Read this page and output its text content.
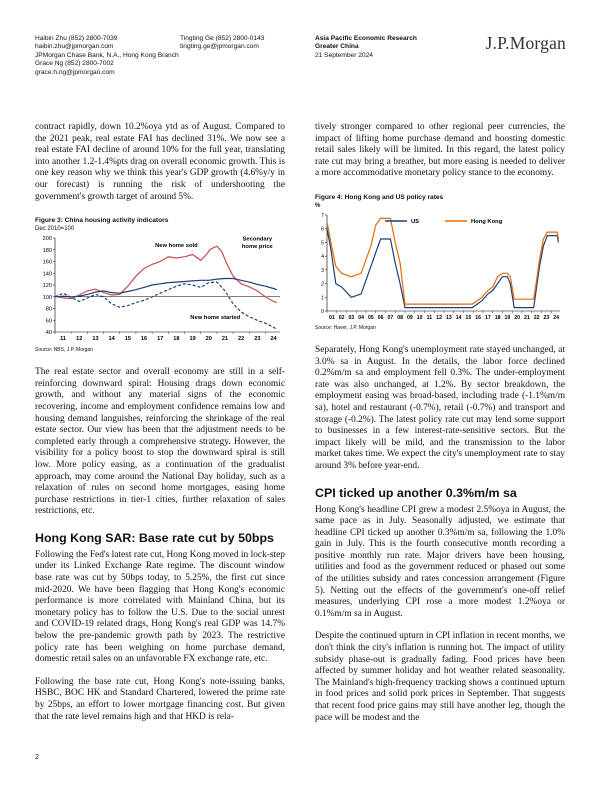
Haibin Zhu (852) 2800-7039
haibin.zhu@jpmorgan.com
JPMorgan Chase Bank, N.A., Hong Kong Branch
Grace Ng (852) 2800-7002
grace.h.ng@jpmorgan.com
Tingting Ge (852) 2800-0143
tingting.ge@jpmorgan.com
Asia Pacific Economic Research
Greater China
21 September 2024
J.P.Morgan

contract rapidly, down 10.2%oya ytd as of August. Compared to the 2021 peak, real estate FAI has declined 31%. We now see a real estate FAI decline of around 10% for the full year, translating into another 1.2-1.4%pts drag on overall economic growth. This is one key reason why we think this year's GDP growth (4.6%y/y in our forecast) is running the risk of undershooting the government's growth target of around 5%.

Figure 3: China housing activity indicators
Dec 2010=100
40
60
80
100
120
140
160
180
200
11 12 13 14 15 16 17 18 19 20 21 22 23 24
New home sold
New home started
Secondary
home price
Source: NBS, J.P. Morgan

The real estate sector and overall economy are still in a self-reinforcing downward spiral: Housing drags down economic growth, and without any material signs of the economic recovering, income and employment confidence remains low and housing demand languishes, reinforcing the shrinkage of the real estate sector. Our view has been that the adjustment needs to be completed early through a comprehensive strategy. However, the visibility for a policy boost to stop the downward spiral is still low. More policy easing, as a continuation of the gradualist approach, may come around the National Day holiday, such as a relaxation of rules on second home mortgages, easing home purchase restrictions in tier-1 cities, further relaxation of sales restrictions, etc.

Hong Kong SAR: Base rate cut by 50bps

Following the Fed's latest rate cut, Hong Kong moved in lock-step under its Linked Exchange Rate regime. The discount window base rate was cut by 50bps today, to 5.25%, the first cut since mid-2020. We have been flagging that Hong Kong's economic performance is more correlated with Mainland China, but its monetary policy has to follow the U.S. Due to the social unrest and COVID-19 related drags, Hong Kong's real GDP was 14.7% below the pre-pandemic growth path by 2023. The restrictive policy rate has been weighing on home purchase demand, domestic retail sales on an unfavorable FX exchange rate, etc.

Following the base rate cut, Hong Kong's note-issuing banks, HSBC, BOC HK and Standard Chartered, lowered the prime rate by 25bps, an effort to lower mortgage financing cost. But given that the rate level remains high and that HKD is rela-

tively stronger compared to other regional peer currencies, the impact of lifting home purchase demand and boosting domestic retail sales likely will be limited. In this regard, the latest policy rate cut may bring a breather, but more easing is needed to deliver a more accommodative monetary policy stance to the economy.

Figure 4: Hong Kong and US policy rates
%
0
1
2
3
4
5
6
7
01 02 03 04 05 06 07 08 09 10 11 12 13 14 15 16 17 18 19 20 21 22 23 24
US	Hong Kong
Source: Haver, J.P. Morgan

Separately, Hong Kong's unemployment rate stayed unchanged, at 3.0% sa in August. In the details, the labor force declined 0.2%m/m sa and employment fell 0.3%. The under-employment rate was also unchanged, at 1.2%. By sector breakdown, the employment easing was broad-based, including trade (-1.1%m/m sa), hotel and restaurant (-0.7%), retail (-0.7%) and transport and storage (-0.2%). The latest policy rate cut may lend some support to businesses in a few interest-rate-sensitive sectors. But the impact likely will be mild, and the transmission to the labor market takes time. We expect the city's unemployment rate to stay around 3% before year-end.

CPI ticked up another 0.3%m/m sa

Hong Kong's headline CPI grew a modest 2.5%oya in August, the same pace as in July. Seasonally adjusted, we estimate that headline CPI ticked up another 0.3%m/m sa, following the 1.0% gain in July. This is the fourth consecutive month recording a positive monthly run rate. Major drivers have been housing, utilities and food as the government reduced or phased out some of the utilities subsidy and rates concession arrangement (Figure 5). Netting out the effects of the government's one-off relief measures, underlying CPI rose a more modest 1.2%oya or 0.1%m/m sa in August.

Despite the continued upturn in CPI inflation in recent months, we don't think the city's inflation is running hot. The impact of utility subsidy phase-out is gradually fading. Food prices have been affected by summer holiday and hot weather related seasonality. The Mainland's high-frequency tracking shows a continued upturn in food prices and solid pork prices in September. That suggests that recent food price gains may still have another leg, though the pace will be modest and the

2
